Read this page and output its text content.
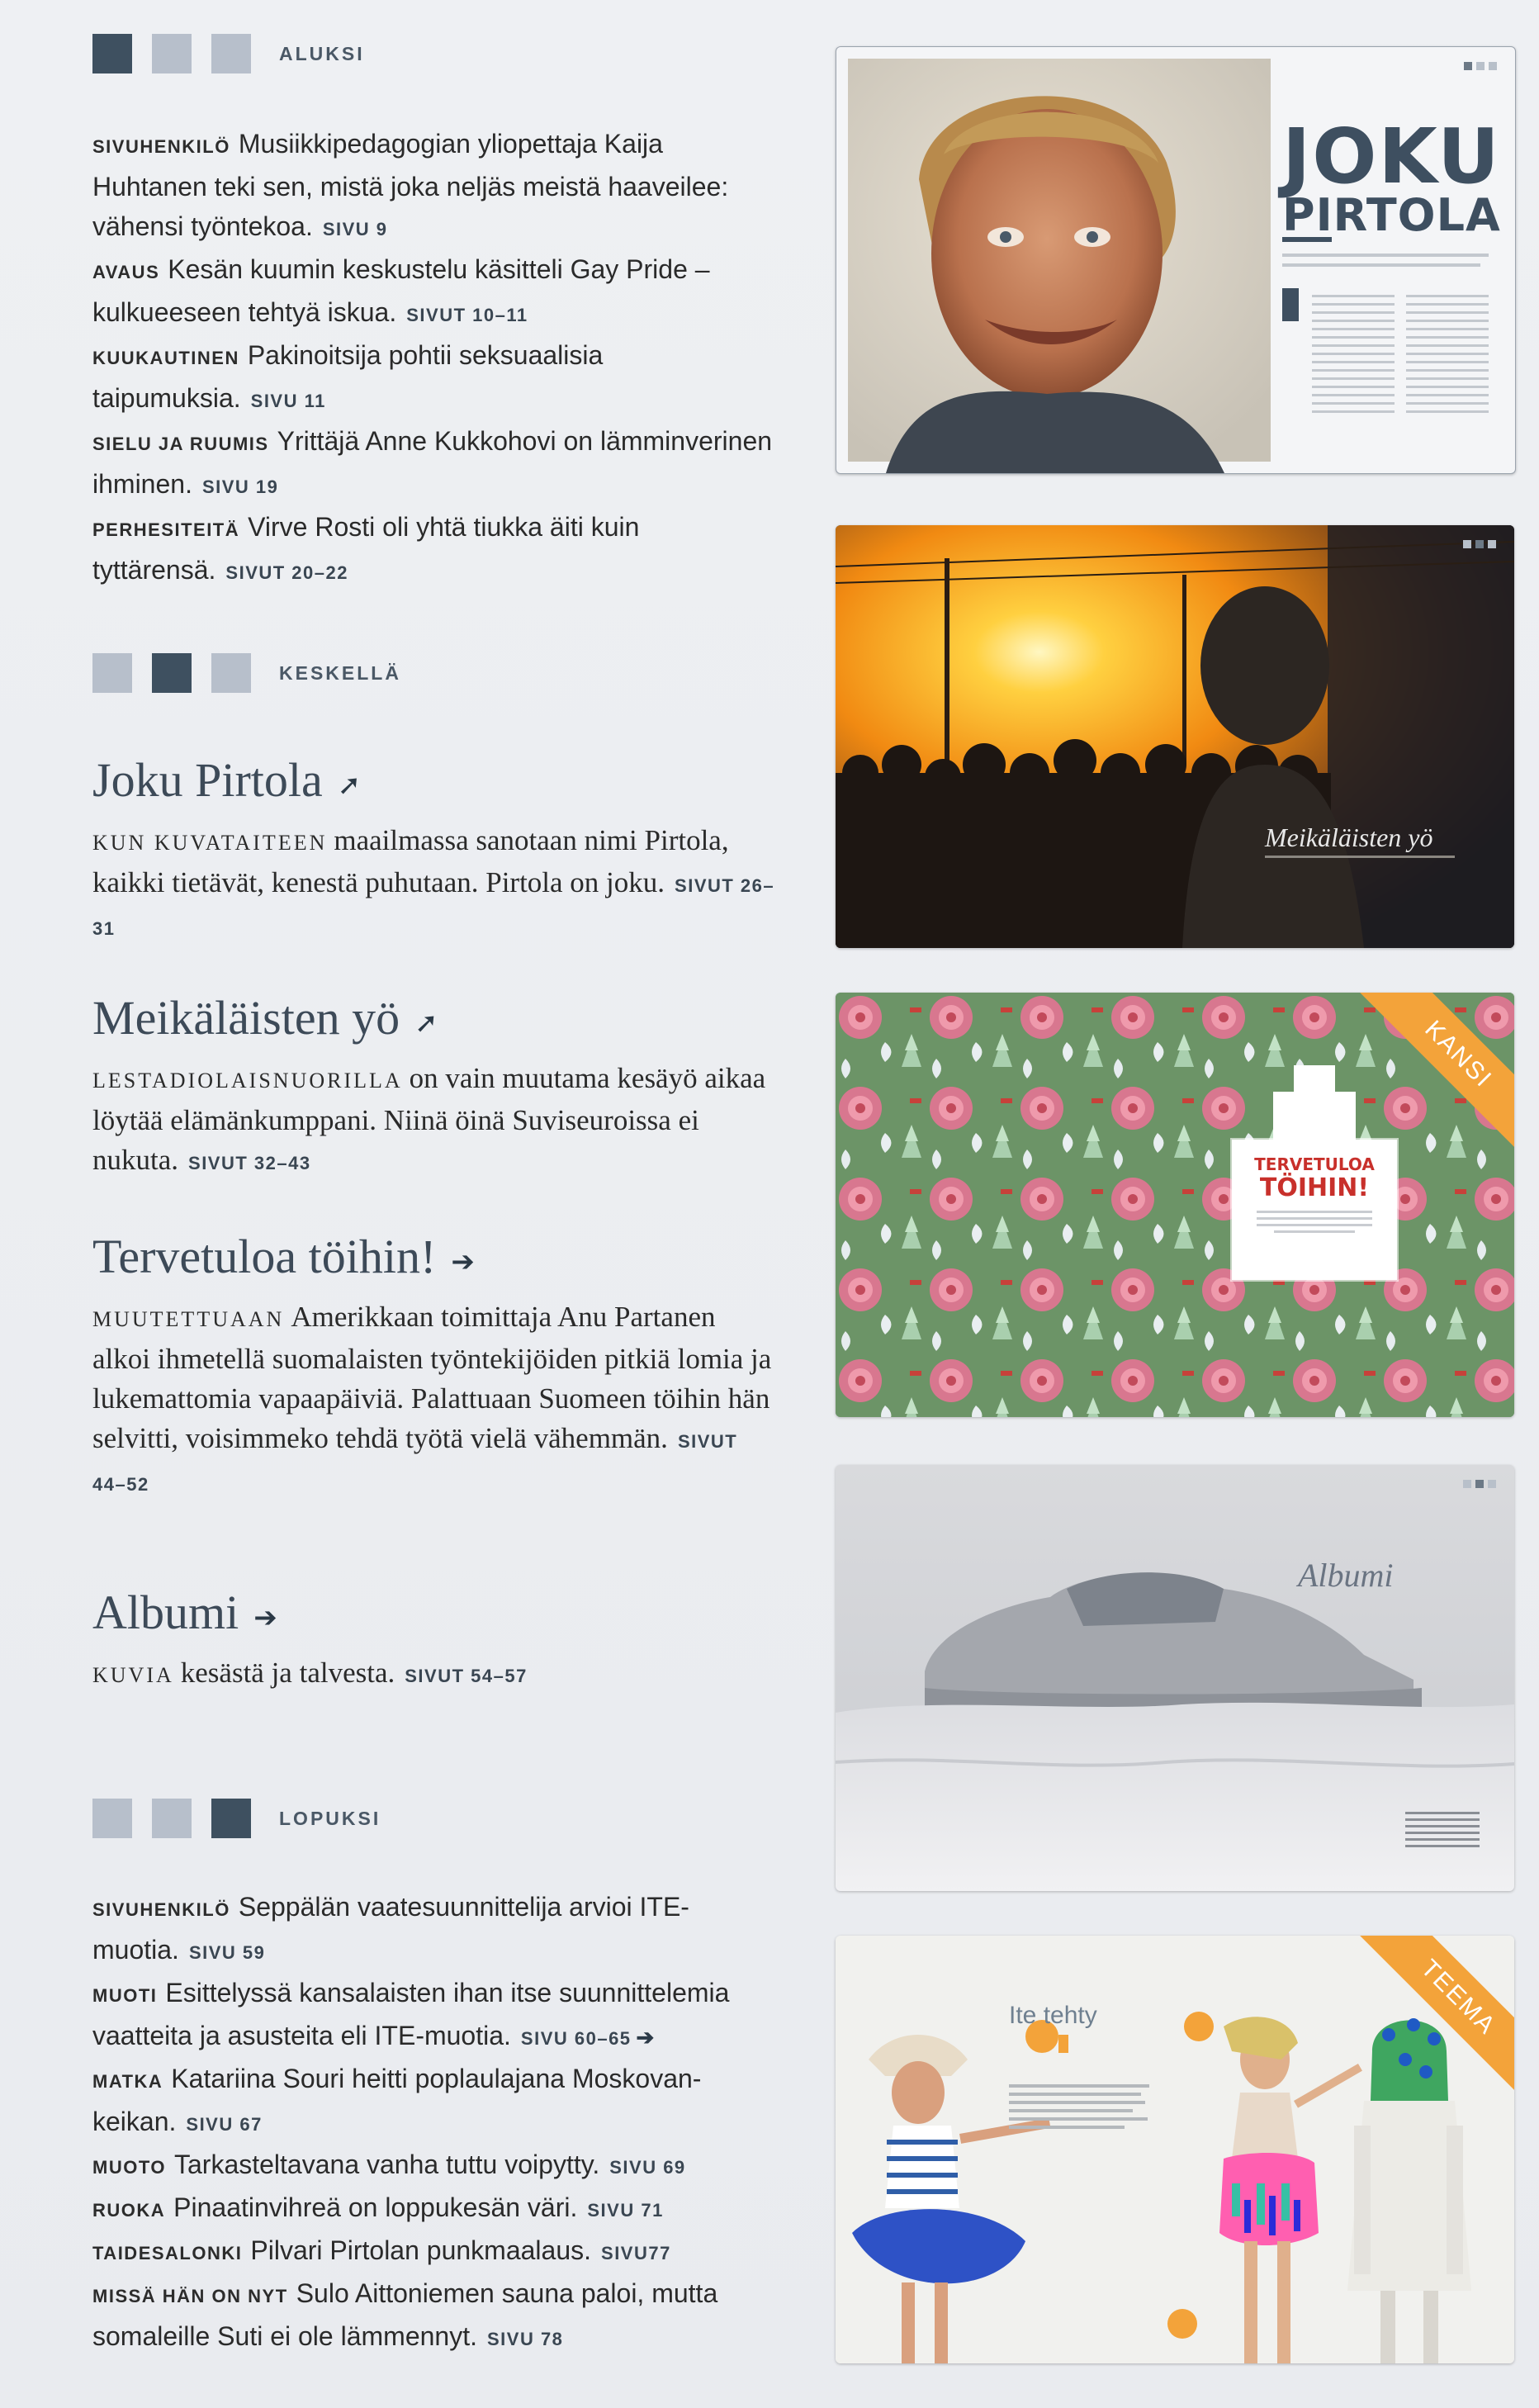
ALUKSI
SIVUHENKILÖ Musiikkipedagogian yliopettaja Kaija Huhtanen teki sen, mistä joka neljäs meistä haaveilee: vähensi työntekoa. SIVU 9
AVAUS Kesän kuumin keskustelu käsitteli Gay Pride –kulkueeseen tehtyä iskua. SIVUT 10–11
KUUKAUTINEN Pakinoitsija pohtii seksuaalisia taipumuksia. SIVU 11
SIELU JA RUUMIS Yrittäjä Anne Kukkohovi on lämminverinen ihminen. SIVU 19
PERHESITEITÄ Virve Rosti oli yhtä tiukka äiti kuin tyttärensä. SIVUT 20–22
KESKELLÄ
Joku Pirtola ➚
KUN KUVATAITEEN maailmassa sanotaan nimi Pirtola, kaikki tietävät, kenestä puhutaan. Pirtola on joku. SIVUT 26–31
Meikäläisten yö ➚
LESTADIOLAISNUORILLA on vain muutama kesäyö aikaa löytää elämänkumppani. Niinä öinä Suviseuroissa ei nukuta. SIVUT 32–43
Tervetuloa töihin! ➔
MUUTETTUAAN Amerikkaan toimittaja Anu Partanen alkoi ihmetellä suomalaisten työntekijöiden pitkiä lomia ja lukemattomia vapaapäiviä. Palattuaan Suomeen töihin hän selvitti, voisimmeko tehdä työtä vielä vähemmän. SIVUT 44–52
Albumi ➔
KUVIA kesästä ja talvesta. SIVUT 54–57
LOPUKSI
SIVUHENKILÖ Seppälän vaatesuunnittelija arvioi ITE-muotia. SIVU 59
MUOTI Esittelyssä kansalaisten ihan itse suunnittelemia vaatteita ja asusteita eli ITE-muotia. SIVU 60–65 ➔
MATKA Katariina Souri heitti poplaulajana Moskovan-keikan. SIVU 67
MUOTO Tarkasteltavana vanha tuttu voipytty. SIVU 69
RUOKA Pinaatinvihreä on loppukesän väri. SIVU 71
TAIDESALONKI Pilvari Pirtolan punkmaalaus. SIVU77
MISSÄ HÄN ON NYT Sulo Aittoniemen sauna paloi, mutta somaleille Suti ei ole lämmennyt. SIVU 78
JOKU
PIRTOLA
Meikäläisten yö
TERVETULOA
TÖIHIN!
KANSI
Albumi
Ite tehty	TEEMA
